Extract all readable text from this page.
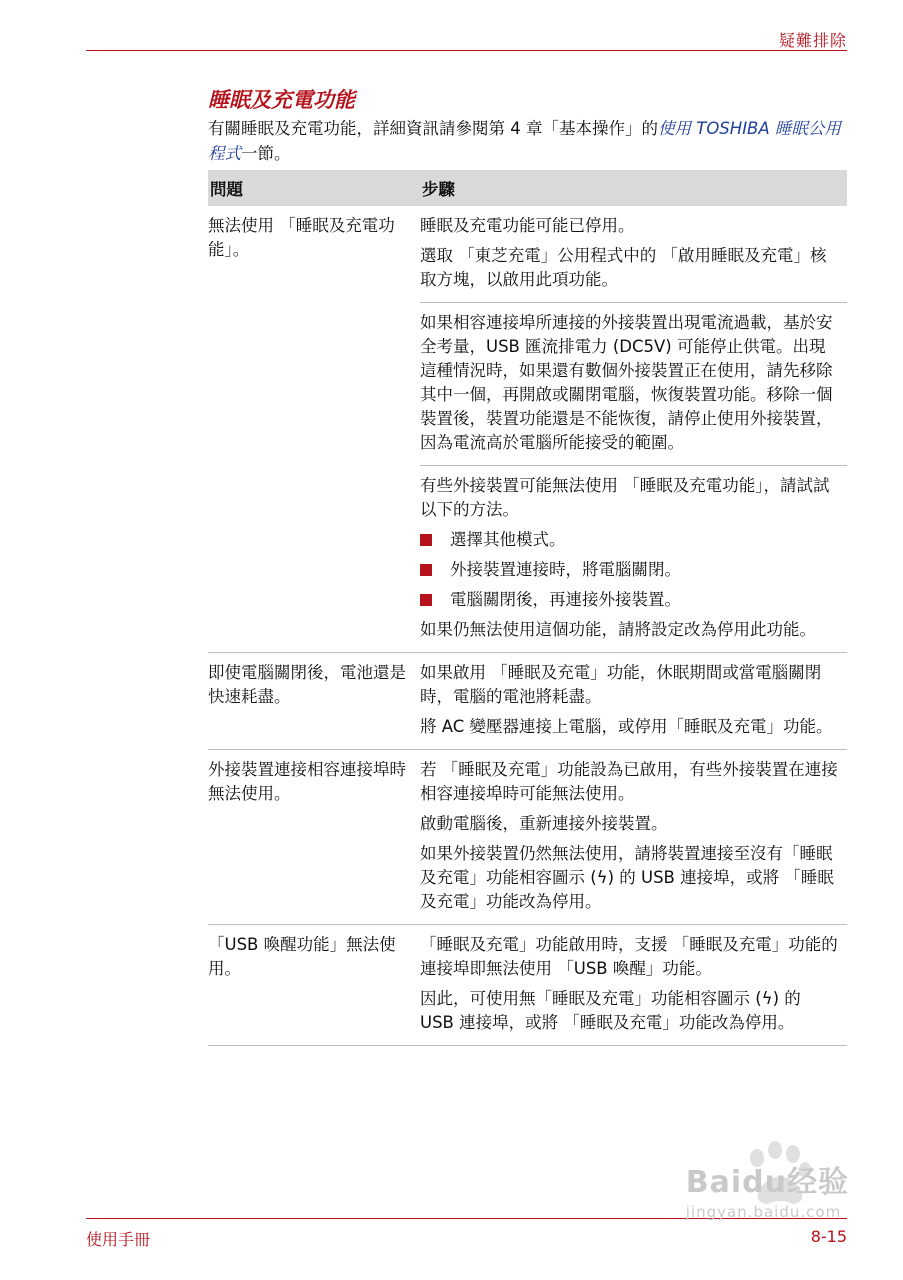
疑難排除
睡眠及充電功能
有關睡眠及充電功能，詳細資訊請參閱第 4 章「基本操作」的使用 TOSHIBA 睡眠公用程式一節。
問題	步驟
無法使用 「睡眠及充電功能」。

睡眠及充電功能可能已停用。

選取 「東芝充電」公用程式中的 「啟用睡眠及充電」核取方塊，以啟用此項功能。

如果相容連接埠所連接的外接裝置出現電流過載，基於安全考量，USB 匯流排電力 (DC5V) 可能停止供電。出現這種情況時，如果還有數個外接裝置正在使用，請先移除其中一個，再開啟或關閉電腦，恢復裝置功能。移除一個裝置後，裝置功能還是不能恢復，請停止使用外接裝置，因為電流高於電腦所能接受的範圍。

有些外接裝置可能無法使用 「睡眠及充電功能」，請試試以下的方法。

選擇其他模式。
外接裝置連接時，將電腦關閉。
電腦關閉後，再連接外接裝置。

如果仍無法使用這個功能，請將設定改為停用此功能。

即使電腦關閉後，電池還是快速耗盡。

如果啟用 「睡眠及充電」功能，休眠期間或當電腦關閉時，電腦的電池將耗盡。

將 AC 變壓器連接上電腦，或停用「睡眠及充電」功能。

外接裝置連接相容連接埠時無法使用。

若 「睡眠及充電」功能設為已啟用，有些外接裝置在連接相容連接埠時可能無法使用。

啟動電腦後，重新連接外接裝置。

如果外接裝置仍然無法使用，請將裝置連接至沒有「睡眠及充電」功能相容圖示 (ϟ) 的 USB 連接埠，或將 「睡眠及充電」功能改為停用。

「USB 喚醒功能」無法使用。

「睡眠及充電」功能啟用時，支援 「睡眠及充電」功能的連接埠即無法使用 「USB 喚醒」功能。

因此，可使用無「睡眠及充電」功能相容圖示 (ϟ) 的 USB 連接埠，或將 「睡眠及充電」功能改為停用。

使用手冊	8-15
Baidu经验
jingyan.baidu.com
